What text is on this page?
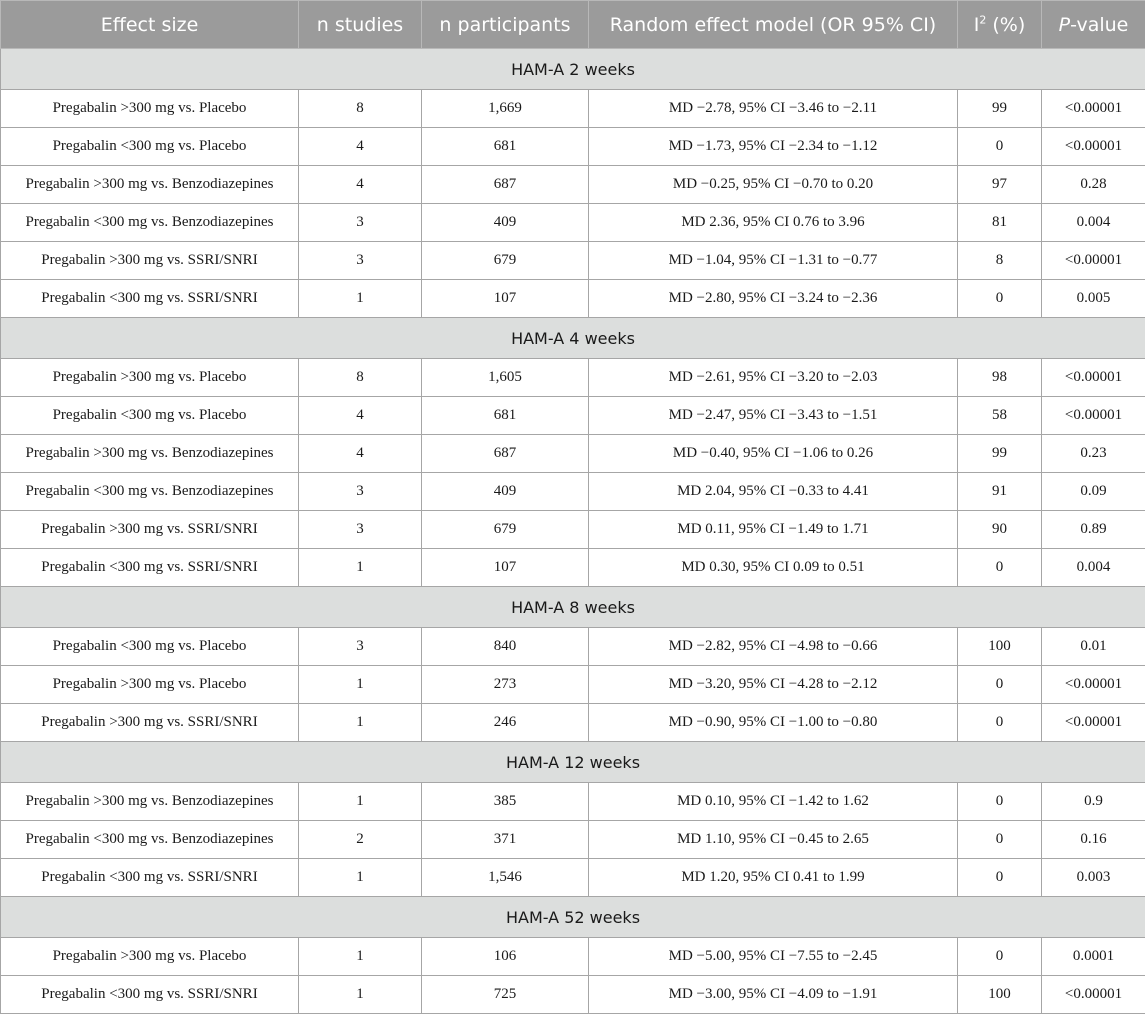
Effect size	n studies	n participants	Random effect model (OR 95% CI)	$I^2$ (%)	P-value
HAM-A 2 weeks					
Pregabalin >300 mg vs. Placebo	8	1,669	MD −2.78, 95% CI −3.46 to −2.11	99	<0.00001
Pregabalin <300 mg vs. Placebo	4	681	MD −1.73, 95% CI −2.34 to −1.12	0	<0.00001
Pregabalin >300 mg vs. Benzodiazepines	4	687	MD −0.25, 95% CI −0.70 to 0.20	97	0.28
Pregabalin <300 mg vs. Benzodiazepines	3	409	MD 2.36, 95% CI 0.76 to 3.96	81	0.004
Pregabalin >300 mg vs. SSRI/SNRI	3	679	MD −1.04, 95% CI −1.31 to −0.77	8	<0.00001
Pregabalin <300 mg vs. SSRI/SNRI	1	107	MD −2.80, 95% CI −3.24 to −2.36	0	0.005
HAM-A 4 weeks					
Pregabalin >300 mg vs. Placebo	8	1,605	MD −2.61, 95% CI −3.20 to −2.03	98	<0.00001
Pregabalin <300 mg vs. Placebo	4	681	MD −2.47, 95% CI −3.43 to −1.51	58	<0.00001
Pregabalin >300 mg vs. Benzodiazepines	4	687	MD −0.40, 95% CI −1.06 to 0.26	99	0.23
Pregabalin <300 mg vs. Benzodiazepines	3	409	MD 2.04, 95% CI −0.33 to 4.41	91	0.09
Pregabalin >300 mg vs. SSRI/SNRI	3	679	MD 0.11, 95% CI −1.49 to 1.71	90	0.89
Pregabalin <300 mg vs. SSRI/SNRI	1	107	MD 0.30, 95% CI 0.09 to 0.51	0	0.004
HAM-A 8 weeks					
Pregabalin <300 mg vs. Placebo	3	840	MD −2.82, 95% CI −4.98 to −0.66	100	0.01
Pregabalin >300 mg vs. Placebo	1	273	MD −3.20, 95% CI −4.28 to −2.12	0	<0.00001
Pregabalin >300 mg vs. SSRI/SNRI	1	246	MD −0.90, 95% CI −1.00 to −0.80	0	<0.00001
HAM-A 12 weeks					
Pregabalin >300 mg vs. Benzodiazepines	1	385	MD 0.10, 95% CI −1.42 to 1.62	0	0.9
Pregabalin <300 mg vs. Benzodiazepines	2	371	MD 1.10, 95% CI −0.45 to 2.65	0	0.16
Pregabalin <300 mg vs. SSRI/SNRI	1	1,546	MD 1.20, 95% CI 0.41 to 1.99	0	0.003
HAM-A 52 weeks					
Pregabalin >300 mg vs. Placebo	1	106	MD −5.00, 95% CI −7.55 to −2.45	0	0.0001
Pregabalin <300 mg vs. SSRI/SNRI	1	725	MD −3.00, 95% CI −4.09 to −1.91	100	<0.00001
